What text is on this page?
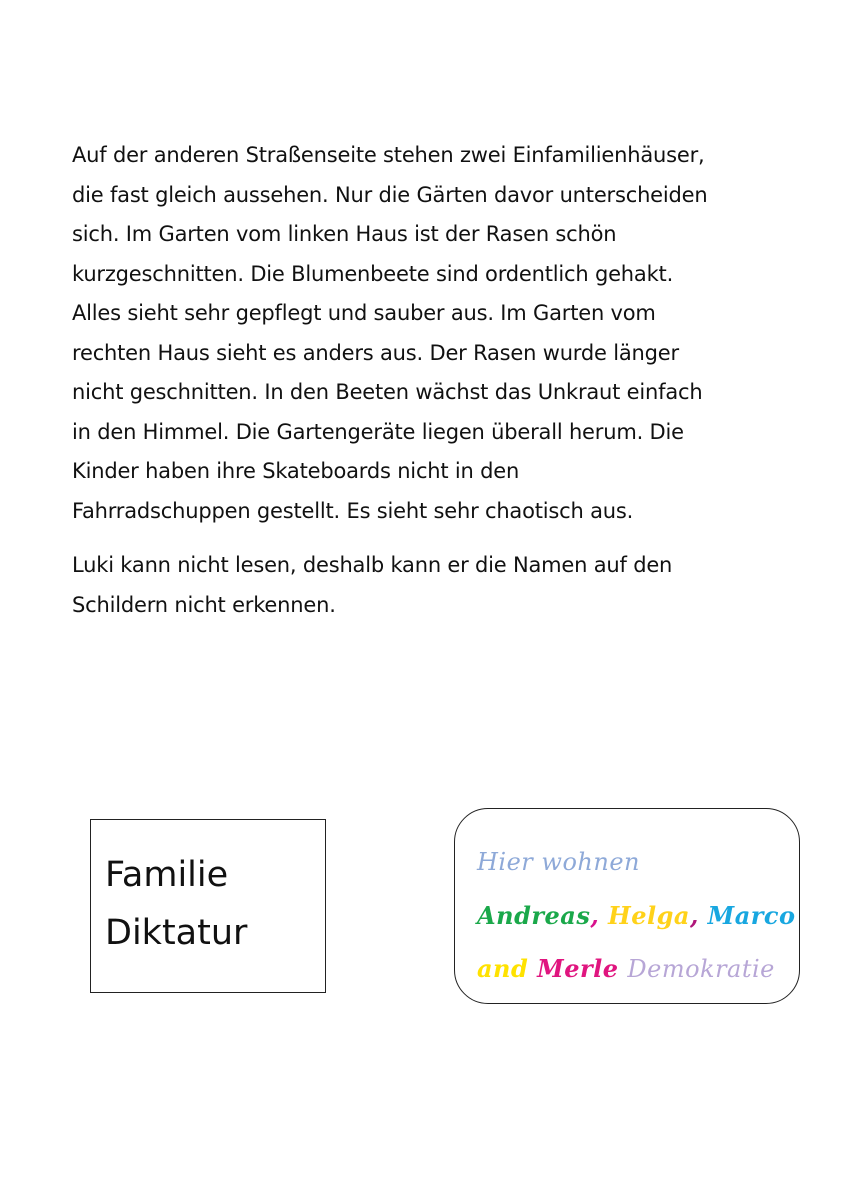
Auf der anderen Straßenseite stehen zwei Einfamilienhäuser,
die fast gleich aussehen. Nur die Gärten davor unterscheiden
sich. Im Garten vom linken Haus ist der Rasen schön
kurzgeschnitten. Die Blumenbeete sind ordentlich gehakt.
Alles sieht sehr gepflegt und sauber aus. Im Garten vom
rechten Haus sieht es anders aus. Der Rasen wurde länger
nicht geschnitten. In den Beeten wächst das Unkraut einfach
in den Himmel. Die Gartengeräte liegen überall herum. Die
Kinder haben ihre Skateboards nicht in den
Fahrradschuppen gestellt. Es sieht sehr chaotisch aus.
Luki kann nicht lesen, deshalb kann er die Namen auf den
Schildern nicht erkennen.
Familie
Diktatur
Hier wohnen
Andreas, Helga, Marco
and Merle Demokratie
